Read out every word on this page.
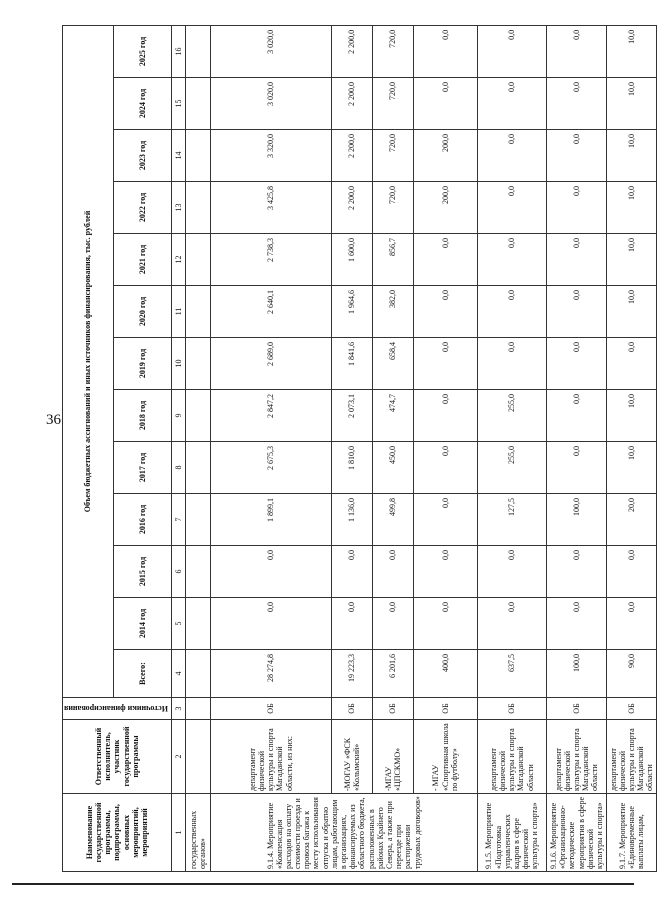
36
Наименование государственной программы, подпрограммы, основных мероприятий, мероприятий	Ответственный исполнитель, участник государственной программы	Источники финансирования	Объем бюджетных ассигнований и иных источников финансирования, тыс. рублей												
			Всего:	2014 год	2015 год	2016 год	2017 год	2018 год	2019 год	2020 год	2021 год	2022 год	2023 год	2024 год	2025 год
1	2	3	4	5	6	7	8	9	10	11	12	13	14	15	16
государственных органов»															
9.1.4. Мероприятие «Компенсация расходов на оплату стоимости проезда и провоза багажа к месту использования отпуска и обратно лицам, работающим в организациях, финансируемых из областного бюджета, расположенных в районах Крайнего Севера, а также при переезде при расторжении трудовых договоров»	департамент физической культуры и спорта Магаданской области, из них:	ОБ	28 274,8	0,0	0,0	1 899,1	2 675,3	2 847,2	2 689,0	2 640,1	2 738,3	3 425,8	3 320,0	3 020,0	3 020,0
	-МОГАУ «ФСК «Колымский»	ОБ	19 223,3	0,0	0,0	1 136,0	1 810,0	2 073,1	1 841,6	1 964,6	1 600,0	2 200,0	2 200,0	2 200,0	2 200,0
	-МГАУ «ЦПСКМО»	ОБ	6 201,6	0,0	0,0	499,8	450,0	474,7	658,4	382,0	856,7	720,0	720,0	720,0	720,0
	- МГАУ «Спортивная школа по футболу»	ОБ	400,0	0,0	0,0	0,0	0,0	0,0	0,0	0,0	0,0	200,0	200,0	0,0	0,0
9.1.5. Мероприятие «Подготовка управленческих кадров в сфере физической культуры и спорта»	департамент физической культуры и спорта Магаданской области	ОБ	637,5	0,0	0,0	127,5	255,0	255,0	0,0	0,0	0,0	0,0	0,0	0,0	0,0
9.1.6. Мероприятие «Организационно-методические мероприятия в сфере физической культуры и спорта»	департамент физической культуры и спорта Магаданской области	ОБ	100,0	0,0	0,0	100,0	0,0	0,0	0,0	0,0	0,0	0,0	0,0	0,0	0,0
9.1.7. Мероприятие «Единовременные выплаты лицам,	департамент физической культуры и спорта Магаданской области	ОБ	90,0	0,0	0,0	20,0	10,0	10,0	0,0	10,0	10,0	10,0	10,0	10,0	10,0
